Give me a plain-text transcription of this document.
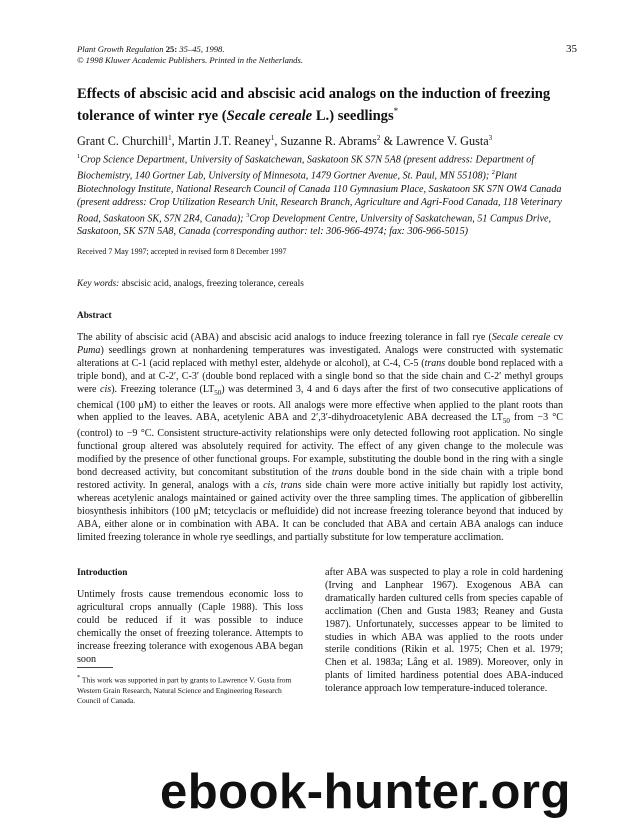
Plant Growth Regulation 25: 35–45, 1998.
© 1998 Kluwer Academic Publishers. Printed in the Netherlands.
35
Effects of abscisic acid and abscisic acid analogs on the induction of freezing tolerance of winter rye (Secale cereale L.) seedlings*
Grant C. Churchill$^1$, Martin J.T. Reaney$^1$, Suzanne R. Abrams$^2$ & Lawrence V. Gusta$^3$
$^1$Crop Science Department, University of Saskatchewan, Saskatoon SK S7N 5A8 (present address: Department of Biochemistry, 140 Gortner Lab, University of Minnesota, 1479 Gortner Avenue, St. Paul, MN 55108); $^2$Plant Biotechnology Institute, National Research Council of Canada 110 Gymnasium Place, Saskatoon SK S7N OW4 Canada (present address: Crop Utilization Research Unit, Research Branch, Agriculture and Agri-Food Canada, 118 Veterinary Road, Saskatoon SK, S7N 2R4, Canada); $^3$Crop Development Centre, University of Saskatchewan, 51 Campus Drive, Saskatoon, SK S7N 5A8, Canada (corresponding author: tel: 306-966-4974; fax: 306-966-5015)
Received 7 May 1997; accepted in revised form 8 December 1997
Key words: abscisic acid, analogs, freezing tolerance, cereals
Abstract
The ability of abscisic acid (ABA) and abscisic acid analogs to induce freezing tolerance in fall rye (Secale cereale cv Puma) seedlings grown at nonhardening temperatures was investigated. Analogs were constructed with systematic alterations at C-1 (acid replaced with methyl ester, aldehyde or alcohol), at C-4, C-5 (trans double bond replaced with a triple bond), and at C-2′, C-3′ (double bond replaced with a single bond so that the side chain and C-2′ methyl groups were cis). Freezing tolerance $(LT_{50})$ was determined 3, 4 and 6 days after the first of two consecutive applications of chemical (100 μM) to either the leaves or roots. All analogs were more effective when applied to the plant roots than when applied to the leaves. ABA, acetylenic ABA and 2′,3′-dihydroacetylenic ABA decreased the $LT_{50}$ from −3 °C (control) to −9 °C. Consistent structure-activity relationships were only detected following root application. No single functional group altered was absolutely required for activity. The effect of any given change to the molecule was modified by the presence of other functional groups. For example, substituting the double bond in the ring with a single bond decreased activity, but concomitant substitution of the trans double bond in the side chain with a triple bond restored activity. In general, analogs with a cis, trans side chain were more active initially but rapidly lost activity, whereas acetylenic analogs maintained or gained activity over the three sampling times. The application of gibberellin biosynthesis inhibitors (100 μM; tetcyclacis or mefluidide) did not increase freezing tolerance beyond that induced by ABA, either alone or in combination with ABA. It can be concluded that ABA and certain ABA analogs can induce limited freezing tolerance in whole rye seedlings, and partially substitute for low temperature acclimation.
Introduction
Untimely frosts cause tremendous economic loss to agricultural crops annually (Caple 1988). This loss could be reduced if it was possible to induce chemically the onset of freezing tolerance. Attempts to increase freezing tolerance with exogenous ABA began soon
after ABA was suspected to play a role in cold hardening (Irving and Lanphear 1967). Exogenous ABA can dramatically harden cultured cells from species capable of acclimation (Chen and Gusta 1983; Reaney and Gusta 1987). Unfortunately, successes appear to be limited to studies in which ABA was applied to the roots under sterile conditions (Rikin et al. 1975; Chen et al. 1979; Chen et al. 1983a; Lång et al. 1989). Moreover, only in plants of limited hardiness potential does ABA-induced tolerance approach low temperature-induced tolerance.
* This work was supported in part by grants to Lawrence V. Gusta from Western Grain Research, Natural Science and Engineering Research Council of Canada.
ebook-hunter.org
